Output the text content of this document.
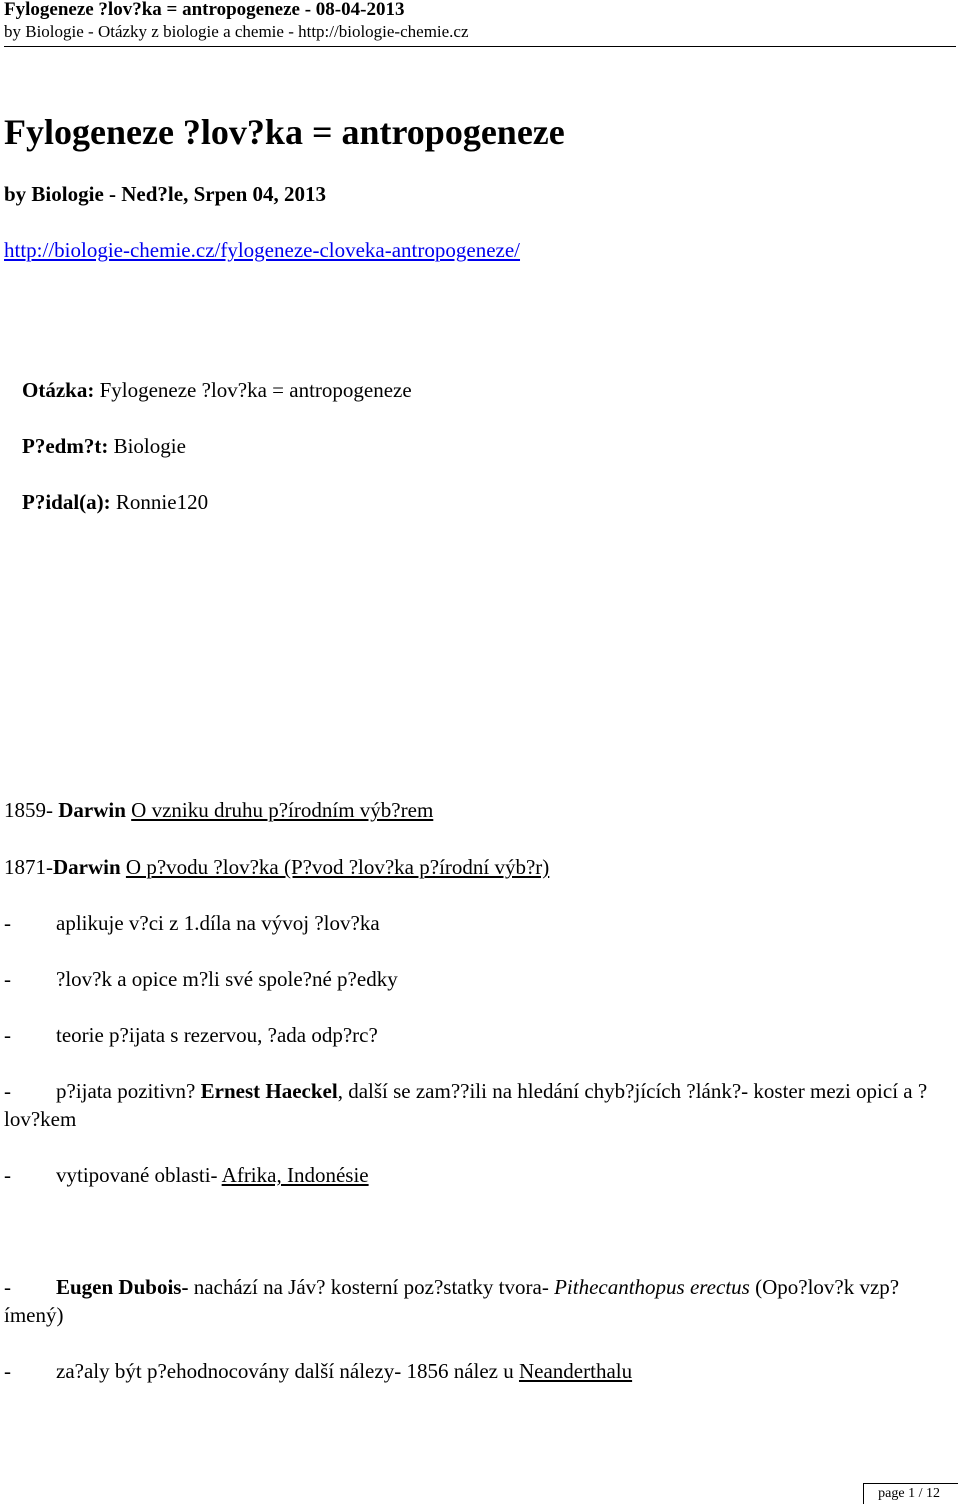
Fylogeneze ?lov?ka = antropogeneze - 08-04-2013
by Biologie - Otázky z biologie a chemie - http://biologie-chemie.cz
Fylogeneze ?lov?ka = antropogeneze
by Biologie - Ned?le, Srpen 04, 2013
http://biologie-chemie.cz/fylogeneze-cloveka-antropogeneze/
Otázka: Fylogeneze ?lov?ka = antropogeneze
P?edm?t: Biologie
P?idal(a): Ronnie120
1859- Darwin O vzniku druhu p?írodním výb?rem
1871-Darwin O p?vodu ?lov?ka (P?vod ?lov?ka p?írodní výb?r)
- aplikuje v?ci z 1.díla na vývoj ?lov?ka
- ?lov?k a opice m?li své spole?né p?edky
- teorie p?ijata s rezervou, ?ada odp?rc?
- p?ijata pozitivn? Ernest Haeckel, další se zam??ili na hledání chyb?jících ?lánk?- koster mezi opicí a ?lov?kem
- vytipované oblasti- Afrika, Indonésie
- Eugen Dubois- nachází na Jáv? kosterní poz?statky tvora- Pithecanthopus erectus (Opo?lov?k vzp?ímený)
- za?aly být p?ehodnocovány další nálezy- 1856 nález u Neanderthalu
page 1 / 12
